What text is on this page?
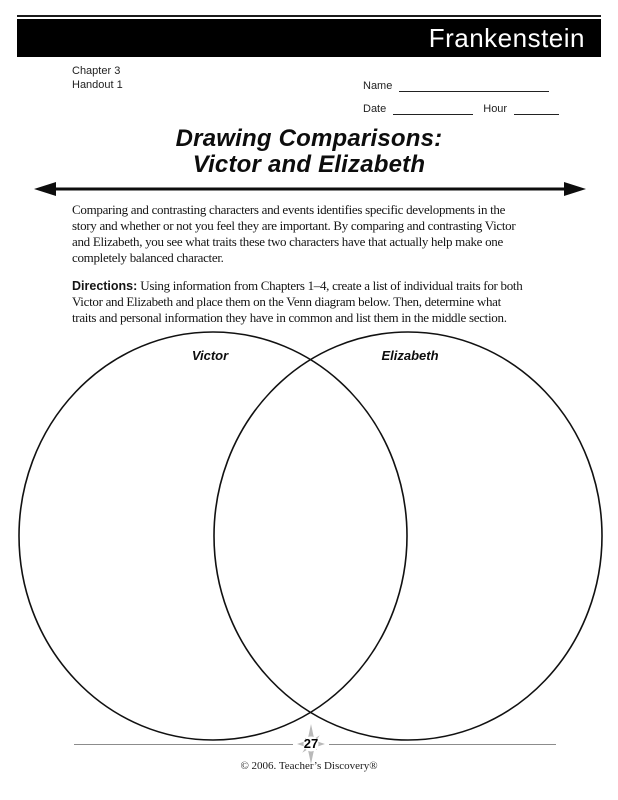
Frankenstein
Chapter 3
Handout 1	Name
Date	Hour
Drawing Comparisons:
Victor and Elizabeth
Comparing and contrasting characters and events identifies specific developments in the
story and whether or not you feel they are important. By comparing and contrasting Victor
and Elizabeth, you see what traits these two characters have that actually help make one
completely balanced character.
Directions: Using information from Chapters 1–4, create a list of individual traits for both
Victor and Elizabeth and place them on the Venn diagram below. Then, determine what
traits and personal information they have in common and list them in the middle section.
Victor	Elizabeth
27
© 2006. Teacher’s Discovery®
